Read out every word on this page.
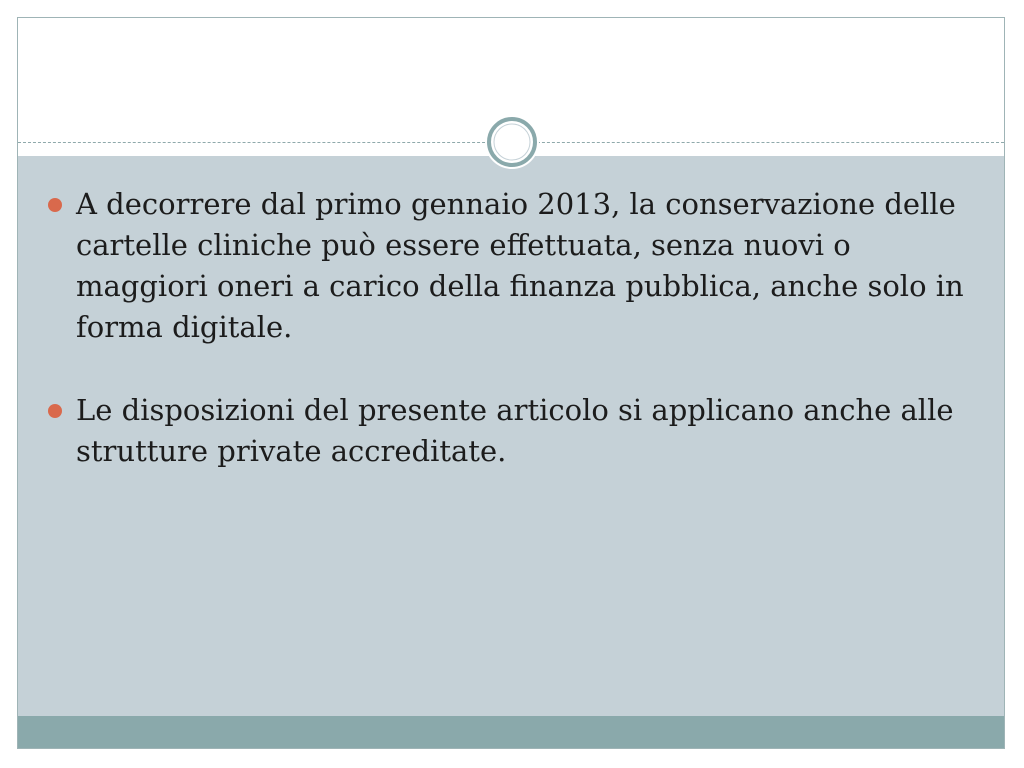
A decorrere dal primo gennaio 2013, la conservazione delle cartelle cliniche può essere effettuata, senza nuovi o maggiori oneri a carico della finanza pubblica, anche solo in forma digitale.
Le disposizioni del presente articolo si applicano anche alle strutture private accreditate.
